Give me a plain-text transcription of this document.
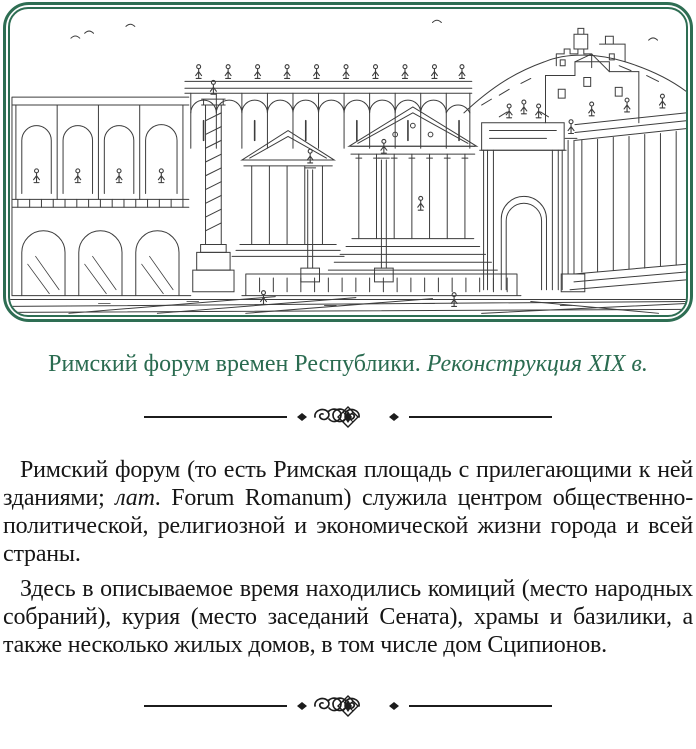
Римский форум времен Республики. Реконструкция XIX в.

Римский форум (то есть Римская площадь с прилегающими к ней зданиями; лат. Forum Romanum) служила центром общественно-политической, религиозной и экономической жизни города и всей страны.

Здесь в описываемое время находились комиций (место народных собраний), курия (место заседаний Сената), храмы и базилики, а также несколько жилых домов, в том числе дом Сципионов.
